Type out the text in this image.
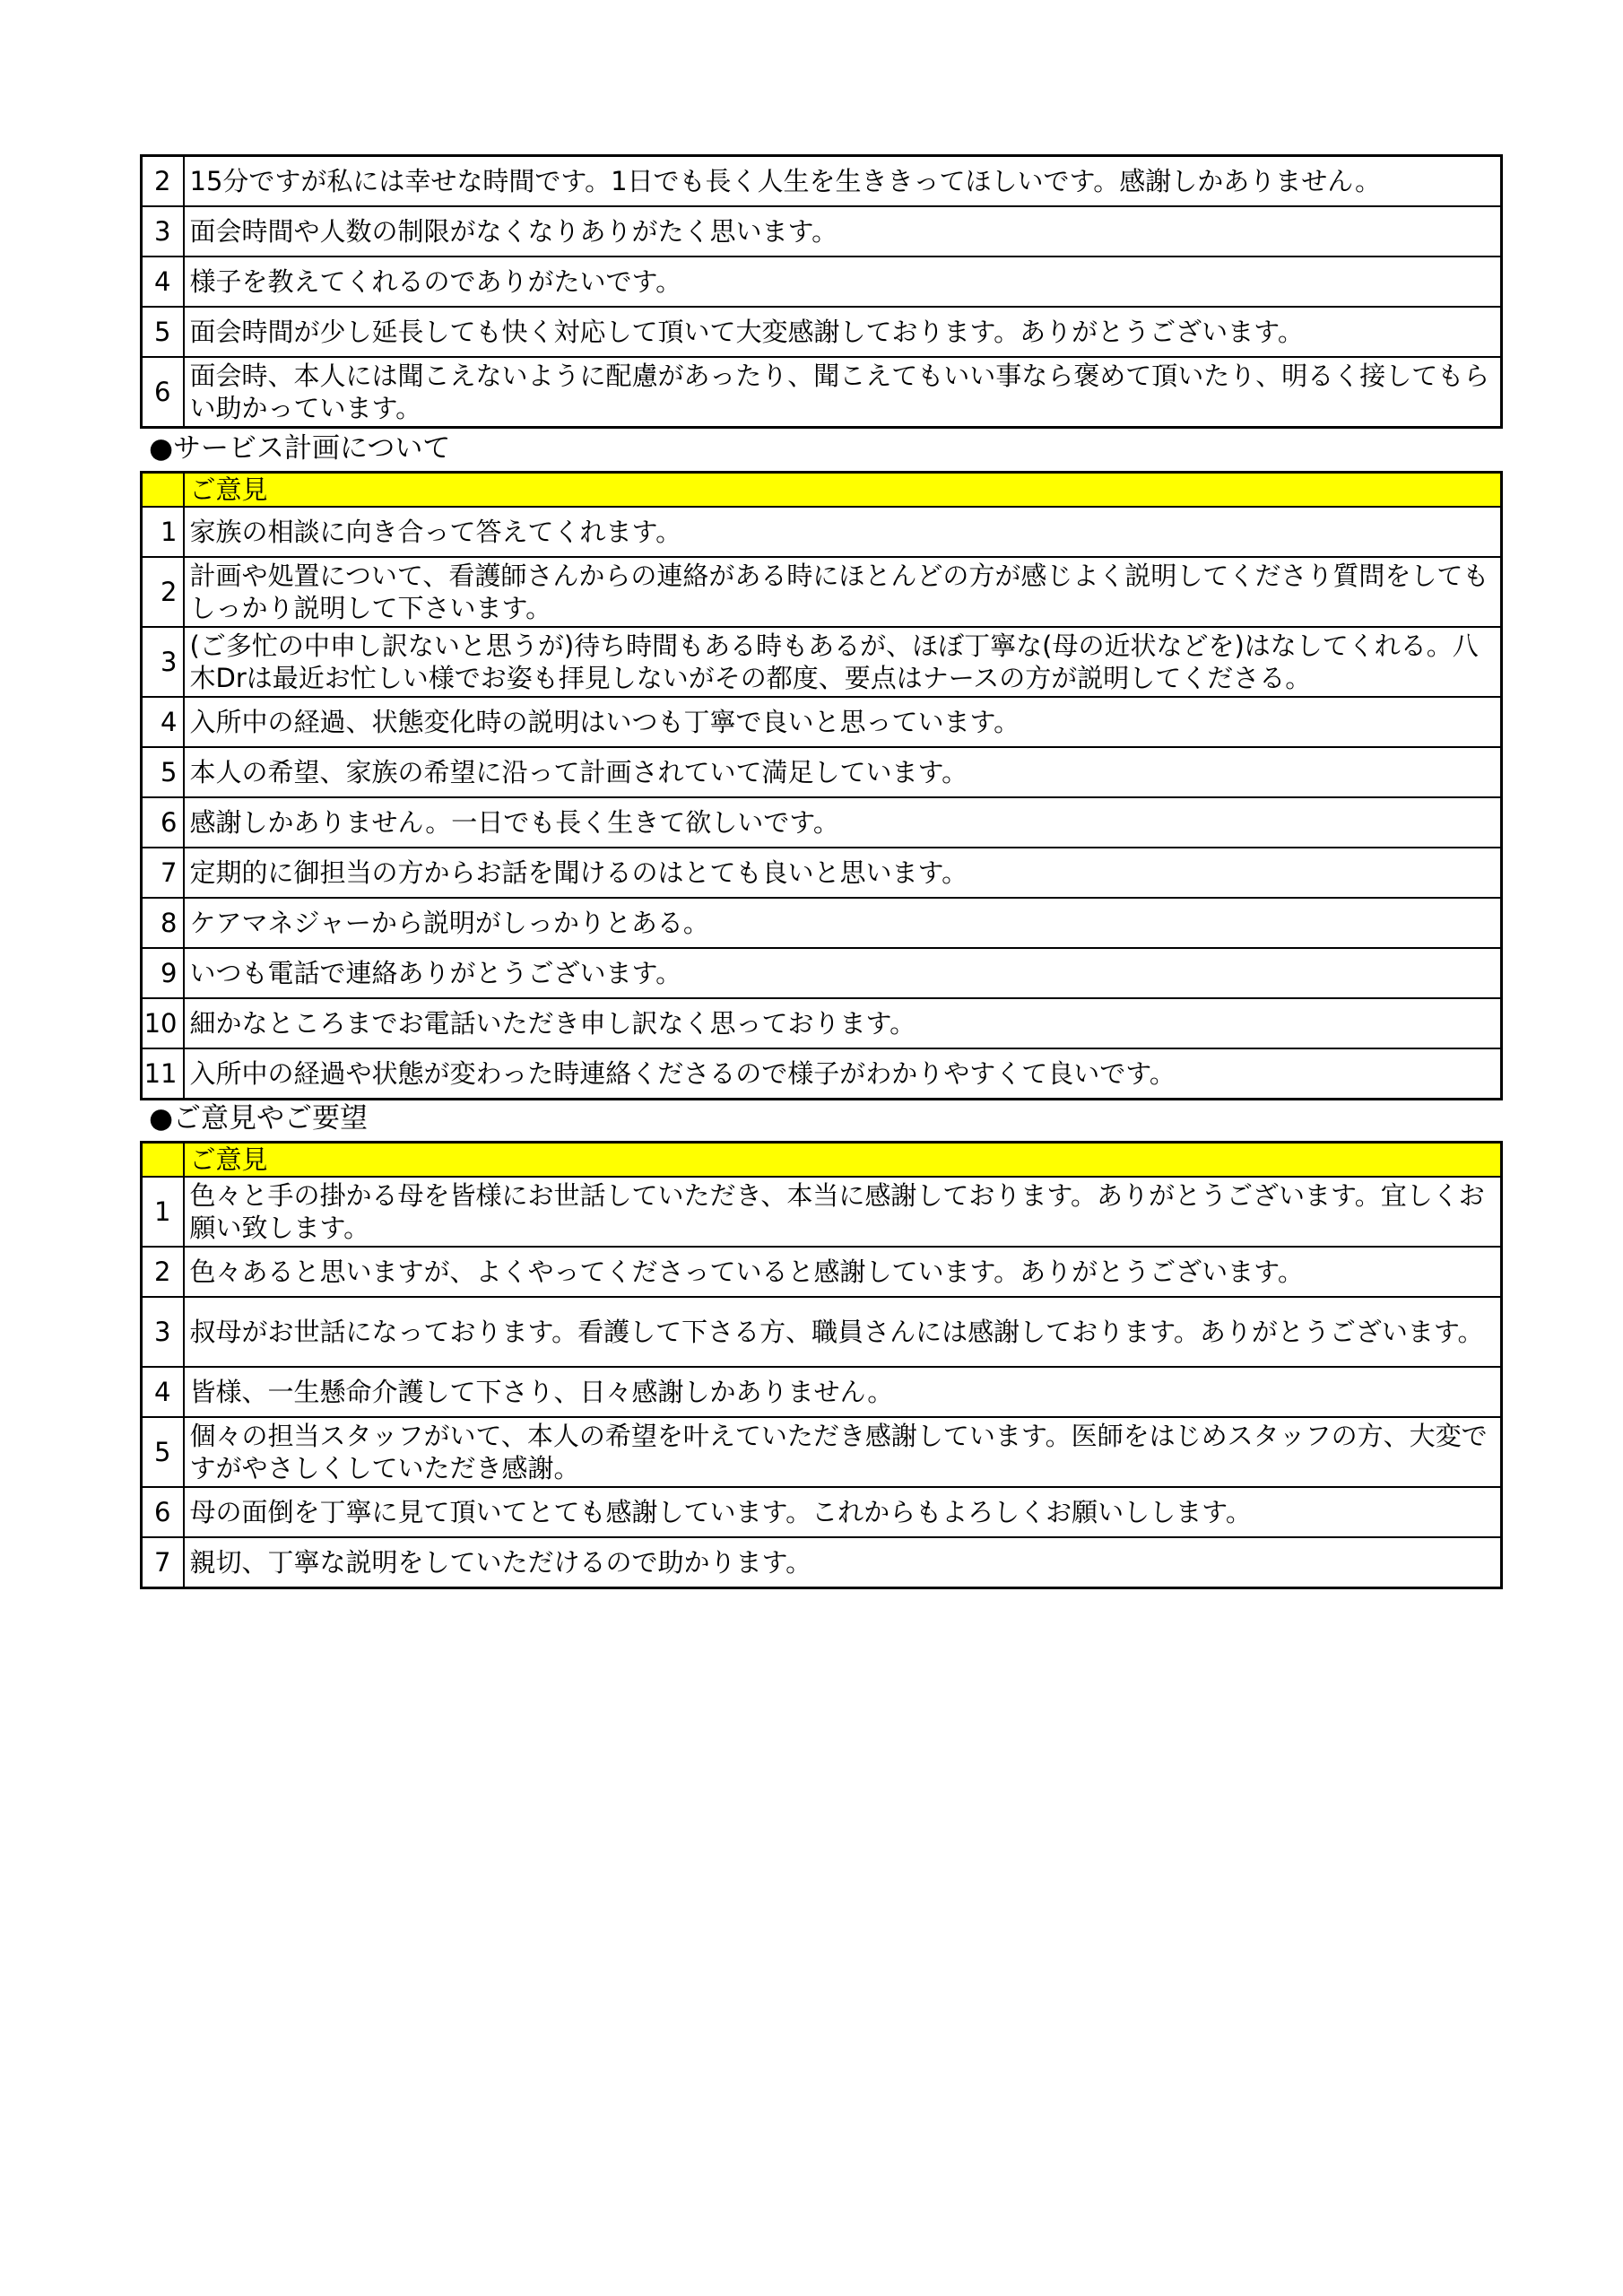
2	15分ですが私には幸せな時間です。1日でも長く人生を生ききってほしいです。感謝しかありません。
3	面会時間や人数の制限がなくなりありがたく思います。
4	様子を教えてくれるのでありがたいです。
5	面会時間が少し延長しても快く対応して頂いて大変感謝しております。ありがとうございます。
6	面会時、本人には聞こえないように配慮があったり、聞こえてもいい事なら褒めて頂いたり、明るく接してもらい助かっています。
●サービス計画について
	ご意見
1	家族の相談に向き合って答えてくれます。
2	計画や処置について、看護師さんからの連絡がある時にほとんどの方が感じよく説明してくださり質問をしてもしっかり説明して下さいます。
3	(ご多忙の中申し訳ないと思うが)待ち時間もある時もあるが、ほぼ丁寧な(母の近状などを)はなしてくれる。八木Drは最近お忙しい様でお姿も拝見しないがその都度、要点はナースの方が説明してくださる。
4	入所中の経過、状態変化時の説明はいつも丁寧で良いと思っています。
5	本人の希望、家族の希望に沿って計画されていて満足しています。
6	感謝しかありません。一日でも長く生きて欲しいです。
7	定期的に御担当の方からお話を聞けるのはとても良いと思います。
8	ケアマネジャーから説明がしっかりとある。
9	いつも電話で連絡ありがとうございます。
10	細かなところまでお電話いただき申し訳なく思っております。
11	入所中の経過や状態が変わった時連絡くださるので様子がわかりやすくて良いです。
●ご意見やご要望
	ご意見
1	色々と手の掛かる母を皆様にお世話していただき、本当に感謝しております。ありがとうございます。宜しくお願い致します。
2	色々あると思いますが、よくやってくださっていると感謝しています。ありがとうございます。
3	叔母がお世話になっております。看護して下さる方、職員さんには感謝しております。ありがとうございます。
4	皆様、一生懸命介護して下さり、日々感謝しかありません。
5	個々の担当スタッフがいて、本人の希望を叶えていただき感謝しています。医師をはじめスタッフの方、大変ですがやさしくしていただき感謝。
6	母の面倒を丁寧に見て頂いてとても感謝しています。これからもよろしくお願いしします。
7	親切、丁寧な説明をしていただけるので助かります。
